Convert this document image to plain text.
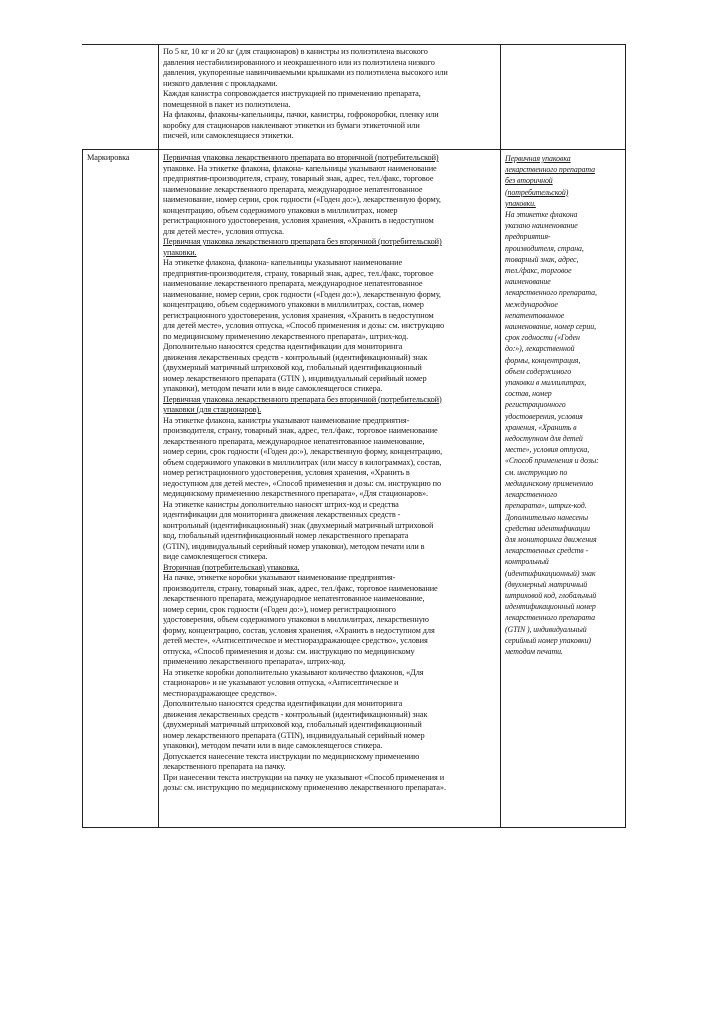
По 5 кг, 10 кг и 20 кг (для стационаров) в канистры из полиэтилена высокого
давления нестабилизированного и неокрашенного или из полиэтилена низкого
давления, укупоренные навинчиваемыми крышками из полиэтилена высокого или
низкого давления с прокладками.
Каждая канистра сопровождается инструкцией по применению препарата,
помещенной в пакет из полиэтилена.
На флаконы, флаконы-капельницы, пачки, канистры, гофрокоробки, пленку или
коробку для стационаров наклеивают этикетки из бумаги этикеточной или
писчей, или самоклеящиеся этикетки.
Маркировка	Первичная упаковка лекарственного препарата во вторичной (потребительской)
упаковке. На этикетке флакона, флакона- капельницы указывают наименование
предприятия-производителя, страну, товарный знак, адрес, тел./факс, торговое
наименование лекарственного препарата, международное непатентованное
наименование, номер серии, срок годности («Годен до:»), лекарственную форму,
концентрацию, объем содержимого упаковки в миллилитрах, номер
регистрационного удостоверения, условия хранения, «Хранить в недоступном
для детей месте», условия отпуска.
Первичная упаковка лекарственного препарата без вторичной (потребительской)
упаковки.
На этикетке флакона, флакона- капельницы указывают наименование
предприятия-производителя, страну, товарный знак, адрес, тел./факс, торговое
наименование лекарственного препарата, международное непатентованное
наименование, номер серии, срок годности («Годен до:»), лекарственную форму,
концентрацию, объем содержимого упаковки в миллилитрах, состав, номер
регистрационного удостоверения, условия хранения, «Хранить в недоступном
для детей месте», условия отпуска, «Способ применения и дозы: см. инструкцию
по медицинскому применению лекарственного препарата», штрих-код.
Дополнительно наносятся средства идентификации для мониторинга
движения лекарственных средств - контрольный (идентификационный) знак
(двухмерный матричный штриховой код, глобальный идентификационный
номер лекарственного препарата (GTIN ), индивидуальный серийный номер
упаковки), методом печати или в виде самоклеящегося стикера.
Первичная упаковка лекарственного препарата без вторичной (потребительской)
упаковки (для стационаров).
На этикетке флакона, канистры указывают наименование предприятия-
производителя, страну, товарный знак, адрес, тел./факс, торговое наименование
лекарственного препарата, международное непатентованное наименование,
номер серии, срок годности («Годен до:»), лекарственную форму, концентрацию,
объем содержимого упаковки в миллилитрах (или массу в килограммах), состав,
номер регистрационного удостоверения, условия хранения, «Хранить в
недоступном для детей месте», «Способ применения и дозы: см. инструкцию по
медицинскому применению лекарственного препарата», «Для стационаров».
На этикетке канистры дополнительно наносят штрих-код и средства
идентификации для мониторинга движения лекарственных средств -
контрольный (идентификационный) знак (двухмерный матричный штриховой
код, глобальный идентификационный номер лекарственного препарата
(GTIN), индивидуальный серийный номер упаковки), методом печати или в
виде самоклеящегося стикера.
Вторичная (потребительская) упаковка.
На пачке, этикетке коробки указывают наименование предприятия-
производителя, страну, товарный знак, адрес, тел./факс, торговое наименование
лекарственного препарата, международное непатентованное наименование,
номер серии, срок годности («Годен до:»), номер регистрационного
удостоверения, объем содержимого упаковки в миллилитрах, лекарственную
форму, концентрацию, состав, условия хранения, «Хранить в недоступном для
детей месте», «Антисептическое и местнораздражающее средство», условия
отпуска, «Способ применения и дозы: см. инструкцию по медицинскому
применению лекарственного препарата», штрих-код.
На этикетке коробки дополнительно указывают количество флаконов, «Для
стационаров» и не указывают условия отпуска, «Антисептическое и
местнораздражающее средство».
Дополнительно наносятся средства идентификации для мониторинга
движения лекарственных средств - контрольный (идентификационный) знак
(двухмерный матричный штриховой код, глобальный идентификационный
номер лекарственного препарата (GTIN), индивидуальный серийный номер
упаковки), методом печати или в виде самоклеящегося стикера.
Допускается нанесение текста инструкции по медицинскому применению
лекарственного препарата на пачку.
При нанесении текста инструкции на пачку не указывают «Способ применения и
дозы: см. инструкцию по медицинскому применению лекарственного препарата».
Первичная упаковка
лекарственного препарата
без вторичной
(потребительской)
упаковки.
На этикетке флакона
указано наименование
предприятия-
производителя, страна,
товарный знак, адрес,
тел./факс, торговое
наименование
лекарственного препарата,
международное
непатентованное
наименование, номер серии,
срок годности («Годен
до:»), лекарственной
формы, концентрация,
объем содержимого
упаковки в миллилитрах,
состав, номер
регистрационного
удостоверения, условия
хранения, «Хранить в
недоступном для детей
месте», условия отпуска,
«Способ применения и дозы:
см. инструкцию по
медицинскому применению
лекарственного
препарата», штрих-код.
Дополнительно нанесены
средства идентификации
для мониторинга движения
лекарственных средств -
контрольный
(идентификационный) знак
(двухмерный матричный
штриховой код, глобальный
идентификационный номер
лекарственного препарата
(GTIN ), индивидуальный
серийный номер упаковки)
методом печати.
